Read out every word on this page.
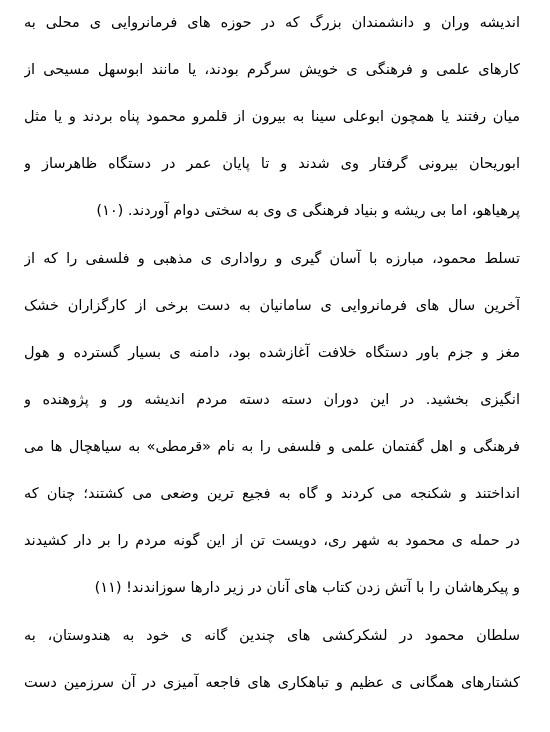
اندیشه وران و دانشمندان بزرگ که در حوزه های فرمانروایی ی محلی به
کارهای علمی و فرهنگی ی خویش سرگرم بودند، یا مانند ابوسهل مسیحی از
میان رفتند یا همچون ابوعلی سینا به بیرون از قلمرو محمود پناه بردند و یا مثل
ابوریحان بیرونی گرفتار وی شدند و تا پایان عمر در دستگاه ظاهرساز و
پرهیاهو، اما بی ریشه و بنیاد فرهنگی ی وی به سختی دوام آوردند. (۱۰)
تسلط محمود، مبارزه با آسان گیری و رواداری ی مذهبی و فلسفی را که از
آخرین سال های فرمانروایی ی سامانیان به دست برخی از کارگزاران خشک
مغز و جزم باور دستگاه خلافت آغازشده بود، دامنه ی بسیار گسترده و هول
انگیزی بخشید. در این دوران دسته دسته مردم اندیشه ور و پژوهنده و
فرهنگی و اهل گفتمان علمی و فلسفی را به نام «قرمطی» به سیاهچال ها می
انداختند و شکنجه می کردند و گاه به فجیع ترین وضعی می کشتند؛ چنان که
در حمله ی محمود به شهر ری، دویست تن از این گونه مردم را بر دار کشیدند
و پیکرهاشان را با آتش زدن کتاب های آنان در زیر دارها سوزاندند! (۱۱)
سلطان محمود در لشکرکشی های چندین گانه ی خود به هندوستان، به
کشتارهای همگانی ی عظیم و تباهکاری های فاجعه آمیزی در آن سرزمین دست
